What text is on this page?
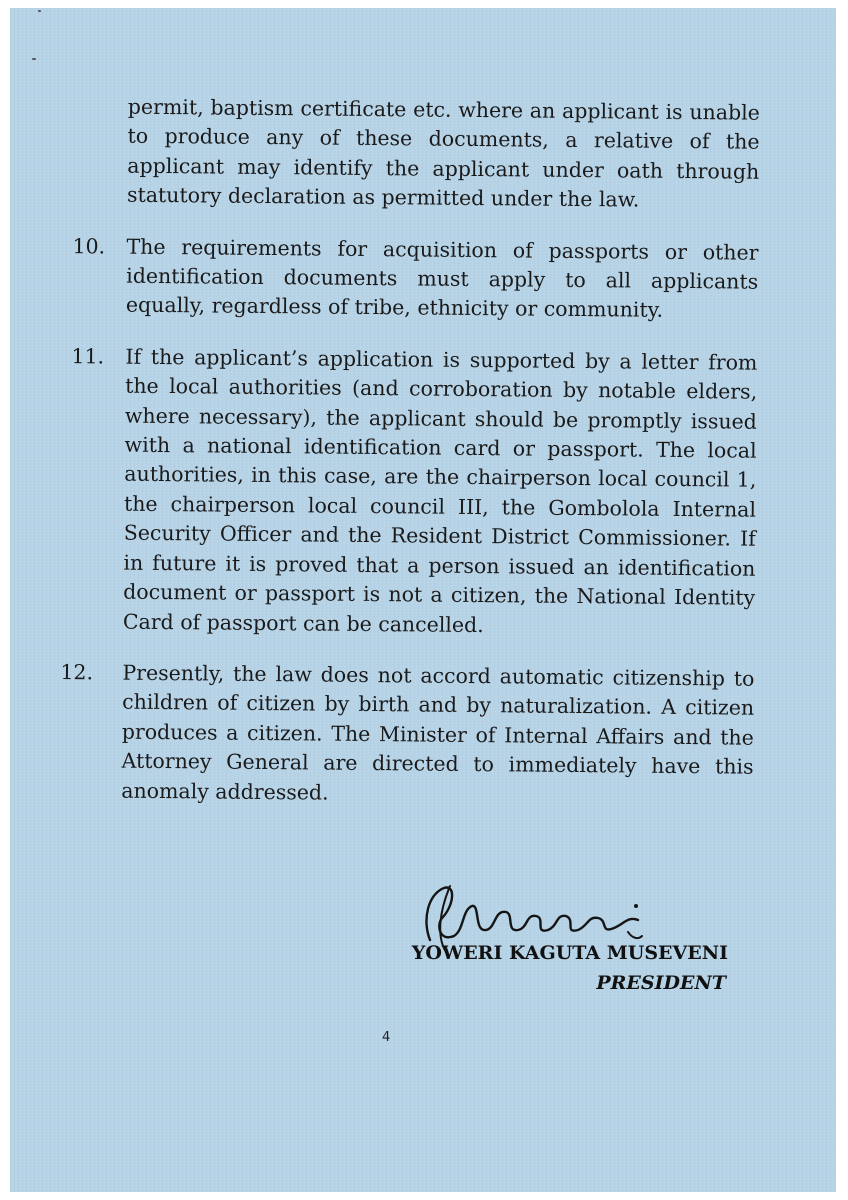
permit, baptism certificate etc. where an applicant is unable to produce any of these documents, a relative of the applicant may identify the applicant under oath through statutory declaration as permitted under the law.

10. The requirements for acquisition of passports or other identification documents must apply to all applicants equally, regardless of tribe, ethnicity or community.

11. If the applicant’s application is supported by a letter from the local authorities (and corroboration by notable elders, where necessary), the applicant should be promptly issued with a national identification card or passport. The local authorities, in this case, are the chairperson local council 1, the chairperson local council III, the Gombolola Internal Security Officer and the Resident District Commissioner. If in future it is proved that a person issued an identification document or passport is not a citizen, the National Identity Card of passport can be cancelled.

12. Presently, the law does not accord automatic citizenship to children of citizen by birth and by naturalization. A citizen produces a citizen. The Minister of Internal Affairs and the Attorney General are directed to immediately have this anomaly addressed.

YOWERI KAGUTA MUSEVENI
PRESIDENT
4
